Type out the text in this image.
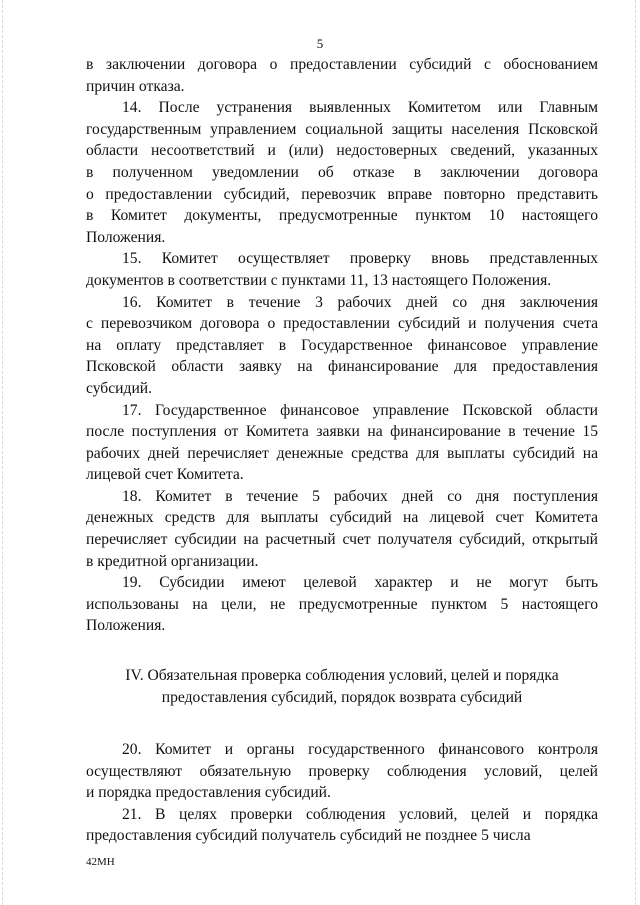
5
в заключении договора о предоставлении субсидий с обоснованием
причин отказа.
14. После устранения выявленных Комитетом или Главным
государственным управлением социальной защиты населения Псковской
области несоответствий и (или) недостоверных сведений, указанных
в полученном уведомлении об отказе в заключении договора
о предоставлении субсидий, перевозчик вправе повторно представить
в Комитет документы, предусмотренные пунктом 10 настоящего
Положения.
15. Комитет осуществляет проверку вновь представленных
документов в соответствии с пунктами 11, 13 настоящего Положения.
16. Комитет в течение 3 рабочих дней со дня заключения
с перевозчиком договора о предоставлении субсидий и получения счета
на оплату представляет в Государственное финансовое управление
Псковской области заявку на финансирование для предоставления
субсидий.
17. Государственное финансовое управление Псковской области
после поступления от Комитета заявки на финансирование в течение 15
рабочих дней перечисляет денежные средства для выплаты субсидий на
лицевой счет Комитета.
18. Комитет в течение 5 рабочих дней со дня поступления
денежных средств для выплаты субсидий на лицевой счет Комитета
перечисляет субсидии на расчетный счет получателя субсидий, открытый
в кредитной организации.
19. Субсидии имеют целевой характер и не могут быть
использованы на цели, не предусмотренные пунктом 5 настоящего
Положения.
IV. Обязательная проверка соблюдения условий, целей и порядка
предоставления субсидий, порядок возврата субсидий
20. Комитет и органы государственного финансового контроля
осуществляют обязательную проверку соблюдения условий, целей
и порядка предоставления субсидий.
21. В целях проверки соблюдения условий, целей и порядка
предоставления субсидий получатель субсидий не позднее 5 числа
42МН
